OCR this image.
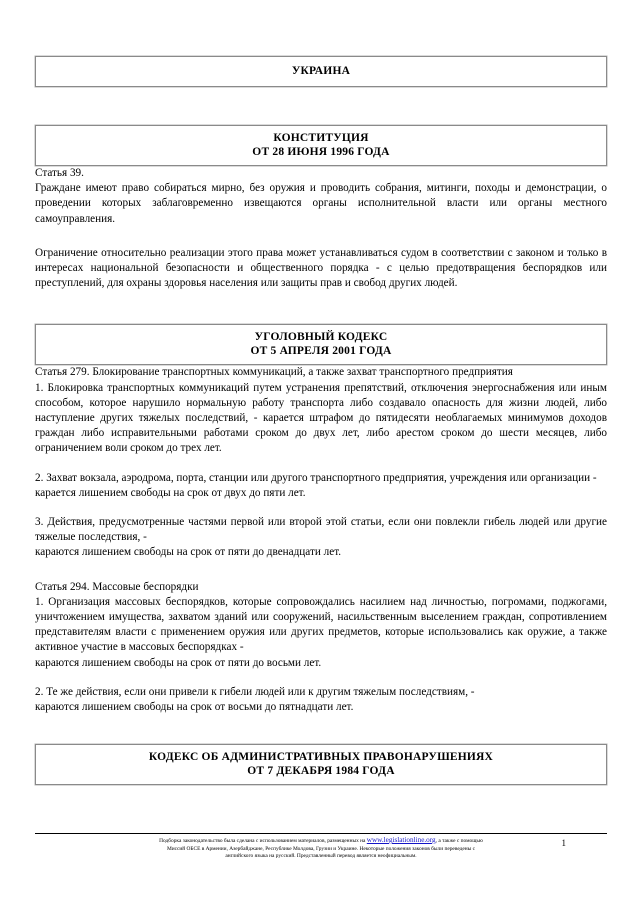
УКРАИНА
КОНСТИТУЦИЯ
ОТ 28 ИЮНЯ 1996 ГОДА

Статья 39.

Граждане имеют право собираться мирно, без оружия и проводить собрания, митинги, походы и демонстрации, о проведении которых заблаговременно извещаются органы исполнительной власти или органы местного самоуправления.

Ограничение относительно реализации этого права может устанавливаться судом в соответствии с законом и только в интересах национальной безопасности и общественного порядка - с целью предотвращения беспорядков или преступлений, для охраны здоровья населения или защиты прав и свобод других людей.

УГОЛОВНЫЙ КОДЕКС
ОТ 5 АПРЕЛЯ 2001 ГОДА

Статья 279. Блокирование транспортных коммуникаций, а также захват транспортного предприятия

1. Блокировка транспортных коммуникаций путем устранения препятствий, отключения энергоснабжения или иным способом, которое нарушило нормальную работу транспорта либо создавало опасность для жизни людей, либо наступление других тяжелых последствий, - карается штрафом до пятидесяти необлагаемых минимумов доходов граждан либо исправительными работами сроком до двух лет, либо арестом сроком до шести месяцев, либо ограничением воли сроком до трех лет.

2. Захват вокзала, аэродрома, порта, станции или другого транспортного предприятия, учреждения или организации -

карается лишением свободы на срок от двух до пяти лет.

3. Действия, предусмотренные частями первой или второй этой статьи, если они повлекли гибель людей или другие тяжелые последствия, -

караются лишением свободы на срок от пяти до двенадцати лет.

Статья 294. Массовые беспорядки

1. Организация массовых беспорядков, которые сопровождались насилием над личностью, погромами, поджогами, уничтожением имущества, захватом зданий или сооружений, насильственным выселением граждан, сопротивлением представителям власти с применением оружия или других предметов, которые использовались как оружие, а также активное участие в массовых беспорядках -

караются лишением свободы на срок от пяти до восьми лет.

2. Те же действия, если они привели к гибели людей или к другим тяжелым последствиям, -

караются лишением свободы на срок от восьми до пятнадцати лет.

КОДЕКС ОБ АДМИНИСТРАТИВНЫХ ПРАВОНАРУШЕНИЯХ
ОТ 7 ДЕКАБРЯ 1984 ГОДА
Подборка законодательство была сделана с использованием материалов, размещенных на www.legislationline.org, а также с помощью
Миссий ОБСЕ в Армении, Азербайджане, Республике Молдова, Грузии и Украине. Некоторые положения законов были переведены с
английского языка на русский. Представленный перевод является неофициальным.
1
